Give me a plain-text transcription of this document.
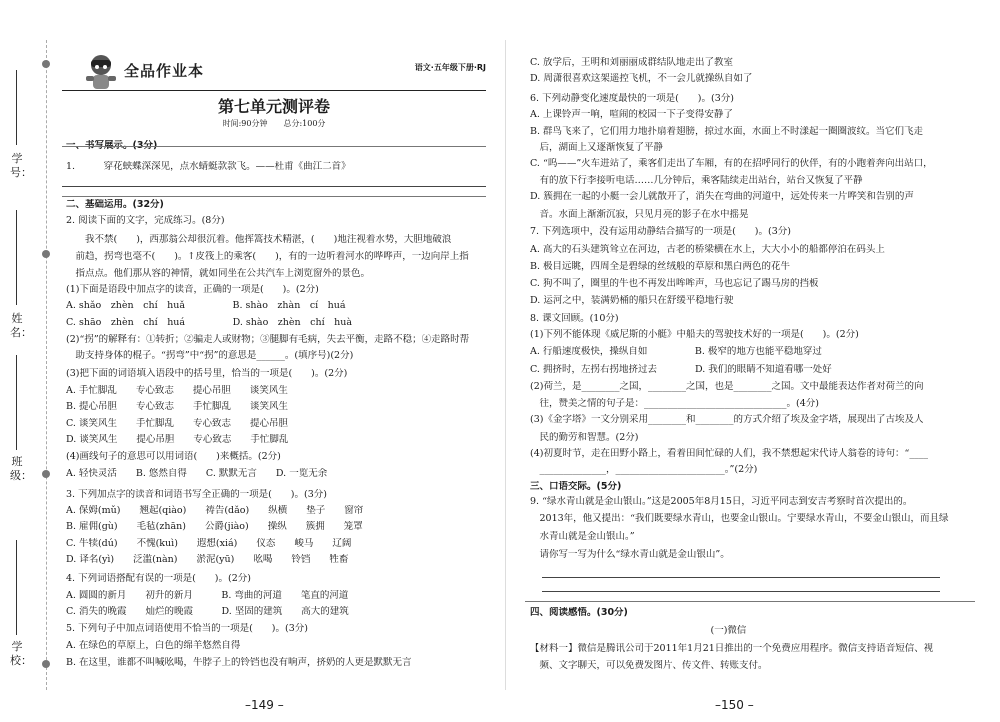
学号：
姓名：
班级：
学校：
全品作业本	语文·五年级下册·RJ
第七单元测评卷
时间:90分钟　　总分:100分
一、书写展示。(3分)
1.　　　穿花蛱蝶深深见，点水蜻蜓款款飞。——杜甫《曲江二首》
二、基础运用。(32分)
2. 阅读下面的文字，完成练习。(8分)
　　我不禁(　　)，西那翁公却很沉着。他挥篙技术精湛，(　　)地注视着水势，大胆地破浪
　前趋，拐弯也毫不(　　)。↑皮筏上的乘客(　　)，有的一边听着河水的哗哗声，一边向岸上指
　指点点。他们那从容的神情，就如同坐在公共汽车上浏览窗外的景色。
(1)下面是语段中加点字的读音，正确的一项是(　　)。(2分)
A. shǎo　zhèn　chí　huǎ　　　　　B. shào　zhàn　cí　huá
C. shāo　zhèn　chí　huá　　　　　D. shào　zhèn　chí　huà
(2)“拐”的解释有：①转折；②骗走人或财物；③腿脚有毛病，失去平衡，走路不稳；④走路时帮
　助支持身体的棍子。“拐弯”中“拐”的意思是______。(填序号)(2分)
(3)把下面的词语填入语段中的括号里，恰当的一项是(　　)。(2分)
A. 手忙脚乱　　专心致志　　提心吊胆　　谈笑风生
B. 提心吊胆　　专心致志　　手忙脚乱　　谈笑风生
C. 谈笑风生　　手忙脚乱　　专心致志　　提心吊胆
D. 谈笑风生　　提心吊胆　　专心致志　　手忙脚乱
(4)画线句子的意思可以用词语(　　)来概括。(2分)
A. 轻快灵活　　B. 悠然自得　　C. 默默无言　　D. 一览无余
3. 下列加点字的读音和词语书写全正确的一项是(　　)。(3分)
A. 保姆(mǔ)　　翘起(qiào)　　祷告(dǎo)　　纵横　　垫子　　窗帘
B. 雇佣(gù)　　毛毡(zhān)　　公爵(jiào)　　操纵　　簇拥　　笼罩
C. 牛犊(dú)　　不愧(kuì)　　遐想(xiá)　　仪态　　峻马　　辽阔
D. 译名(yì)　　泛滥(nàn)　　淤泥(yū)　　吆喝　　铃铛　　牲畜
4. 下列词语搭配有误的一项是(　　)。(2分)
A. 圆圆的新月　　初升的新月　　　B. 弯曲的河道　　笔直的河道
C. 消失的晚霞　　灿烂的晚霞　　　D. 坚固的建筑　　高大的建筑
5. 下列句子中加点词语使用不恰当的一项是(　　)。(3分)
A. 在绿色的草原上，白色的绵羊悠然自得
B. 在这里，谁都不叫喊吆喝，牛脖子上的铃铛也没有响声，挤奶的人更是默默无言
C. 放学后，王明和刘丽丽成群结队地走出了教室
D. 周潇很喜欢这架遥控飞机，不一会儿就操纵自如了
6. 下列动静变化速度最快的一项是(　　)。(3分)
A. 上课铃声一响，喧闹的校园一下子变得安静了
B. 群鸟飞来了，它们用力地扑扇着翅膀，掠过水面，水面上不时漾起一圈圈波纹。当它们飞走
　后，湖面上又逐渐恢复了平静
C. “呜——”火车进站了，乘客们走出了车厢，有的在招呼同行的伙伴，有的小跑着奔向出站口，
　有的放下行李接听电话……几分钟后，乘客陆续走出站台，站台又恢复了平静
D. 簇拥在一起的小艇一会儿就散开了，消失在弯曲的河道中，远处传来一片哗笑和告别的声
　音。水面上渐渐沉寂，只见月亮的影子在水中摇晃
7. 下列选项中，没有运用动静结合描写的一项是(　　)。(3分)
A. 高大的石头建筑耸立在河边，古老的桥梁横在水上，大大小小的船都停泊在码头上
B. 极目远眺，四周全是碧绿的丝绒般的草原和黑白两色的花牛
C. 狗不叫了，圈里的牛也不再发出哞哞声，马也忘记了踢马房的挡板
D. 运河之中，装满奶桶的船只在舒缓平稳地行驶
8. 课文回顾。(10分)
(1)下列不能体现《威尼斯的小艇》中船夫的驾驶技术好的一项是(　　)。(2分)
A. 行船速度极快，操纵自如　　　　　B. 极窄的地方也能平稳地穿过
C. 拥挤时，左拐右拐地挤过去　　　　D. 我们的眼睛不知道看哪一处好
(2)荷兰，是________之国，________之国，也是________之国。文中最能表达作者对荷兰的向
　往，赞美之情的句子是：______________________________。(4分)
(3)《金字塔》一文分别采用________和________的方式介绍了埃及金字塔，展现出了古埃及人
　民的勤劳和智慧。(2分)
(4)初夏时节，走在田野小路上，看着田间忙碌的人们，我不禁想起宋代诗人翁卷的诗句：“____
　______________，_______________________。”(2分)
三、口语交际。(5分)
9. “绿水青山就是金山银山。”这是2005年8月15日，习近平同志到安吉考察时首次提出的。
　2013年，他又提出：“我们既要绿水青山，也要金山银山。宁要绿水青山，不要金山银山，而且绿
　水青山就是金山银山。”
　请你写一写为什么“绿水青山就是金山银山”。
四、阅读感悟。(30分)
　　　　　　　　　　　　　　　　　　　(一)微信
【材料一】微信是腾讯公司于2011年1月21日推出的一个免费应用程序。微信支持语音短信、视
　频、文字聊天，可以免费发图片、传文件、转账支付。
–149 –	–150 –
